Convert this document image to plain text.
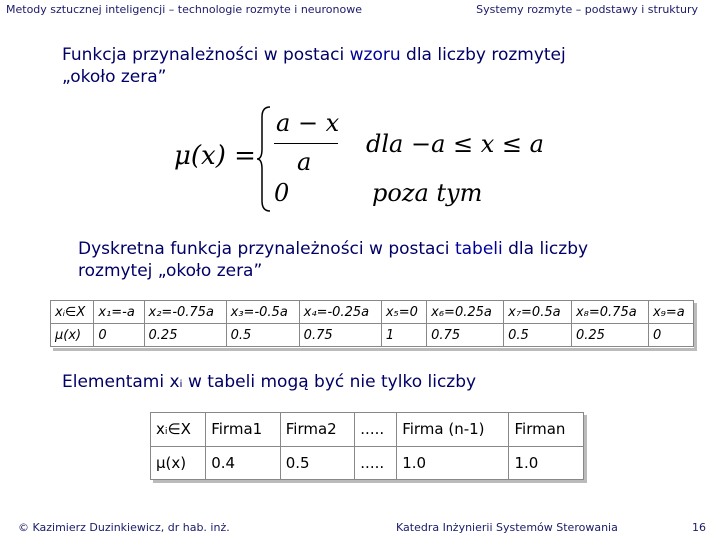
Metody sztucznej inteligencji – technologie rozmyte i neuronowe	Systemy rozmyte – podstawy i struktury
Funkcja przynależności w postaci wzoru dla liczby rozmytej
„około zera”
μ(x) =
a − x
a
dla −a ≤ x ≤ a
0	poza tym
Dyskretna funkcja przynależności w postaci tabeli dla liczby
rozmytej „około zera”
xᵢ∈X	x₁=-a	x₂=-0.75a	x₃=-0.5a	x₄=-0.25a	x₅=0	x₆=0.25a	x₇=0.5a	x₈=0.75a	x₉=a
μ(x)	0	0.25	0.5	0.75	1	0.75	0.5	0.25	0
Elementami xᵢ w tabeli mogą być nie tylko liczby
xᵢ∈X	Firma1	Firma2	.....	Firma (n-1)	Firman
μ(x)	0.4	0.5	.....	1.0	1.0
© Kazimierz Duzinkiewicz, dr hab. inż.	Katedra Inżynierii Systemów Sterowania	16
